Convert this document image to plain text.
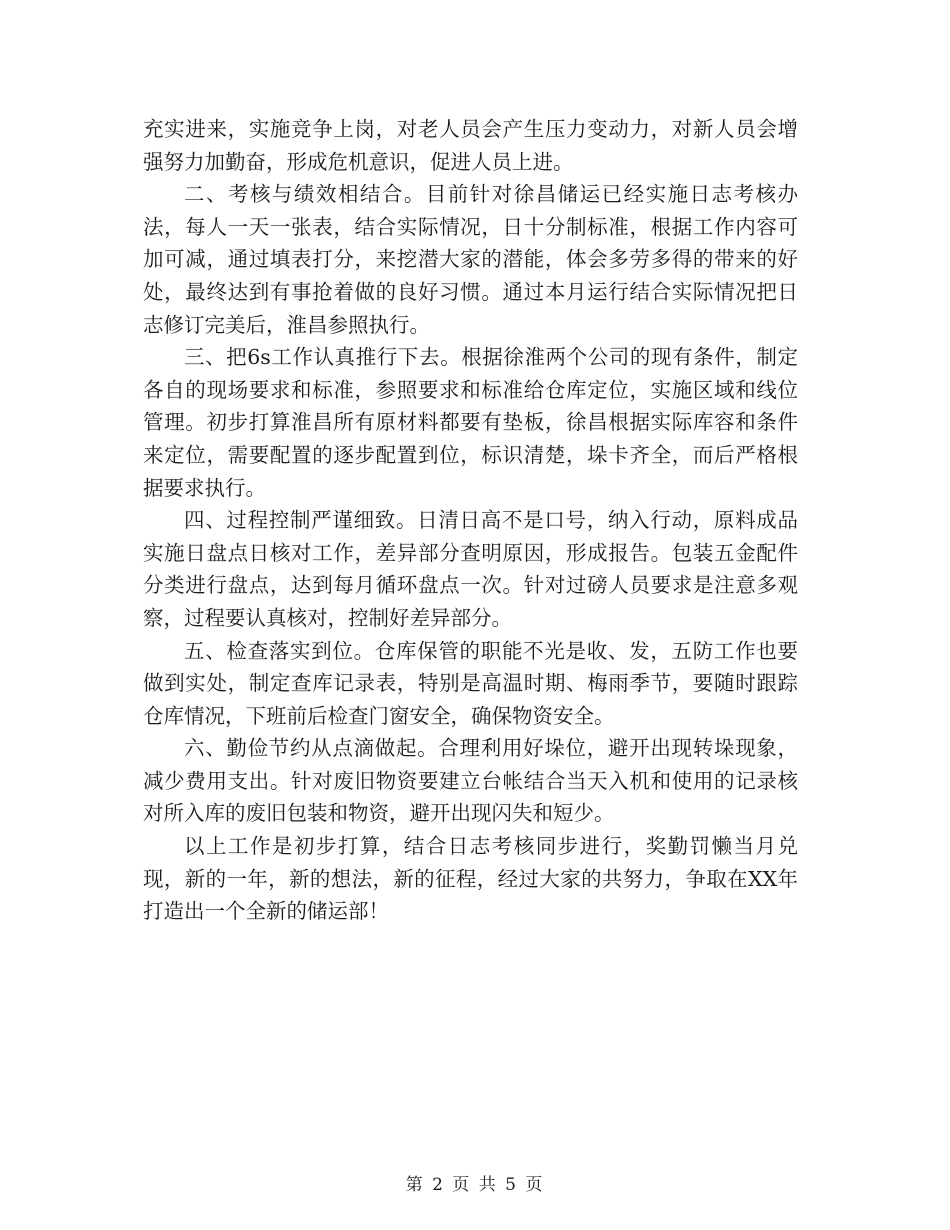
充实进来，实施竞争上岗，对老人员会产生压力变动力，对新人员会增强努力加勤奋，形成危机意识，促进人员上进。

二、考核与绩效相结合。目前针对徐昌储运已经实施日志考核办法，每人一天一张表，结合实际情况，日十分制标准，根据工作内容可加可减，通过填表打分，来挖潜大家的潜能，体会多劳多得的带来的好处，最终达到有事抢着做的良好习惯。通过本月运行结合实际情况把日志修订完美后，淮昌参照执行。

三、把6s工作认真推行下去。根据徐淮两个公司的现有条件，制定各自的现场要求和标准，参照要求和标准给仓库定位，实施区域和线位管理。初步打算淮昌所有原材料都要有垫板，徐昌根据实际库容和条件来定位，需要配置的逐步配置到位，标识清楚，垛卡齐全，而后严格根据要求执行。

四、过程控制严谨细致。日清日高不是口号，纳入行动，原料成品实施日盘点日核对工作，差异部分查明原因，形成报告。包装五金配件分类进行盘点，达到每月循环盘点一次。针对过磅人员要求是注意多观察，过程要认真核对，控制好差异部分。

五、检查落实到位。仓库保管的职能不光是收、发，五防工作也要做到实处，制定查库记录表，特别是高温时期、梅雨季节，要随时跟踪仓库情况，下班前后检查门窗安全，确保物资安全。

六、勤俭节约从点滴做起。合理利用好垛位，避开出现转垛现象，减少费用支出。针对废旧物资要建立台帐结合当天入机和使用的记录核对所入库的废旧包装和物资，避开出现闪失和短少。

以上工作是初步打算，结合日志考核同步进行，奖勤罚懒当月兑现，新的一年，新的想法，新的征程，经过大家的共努力，争取在XX年打造出一个全新的储运部！

第 2 页 共 5 页
